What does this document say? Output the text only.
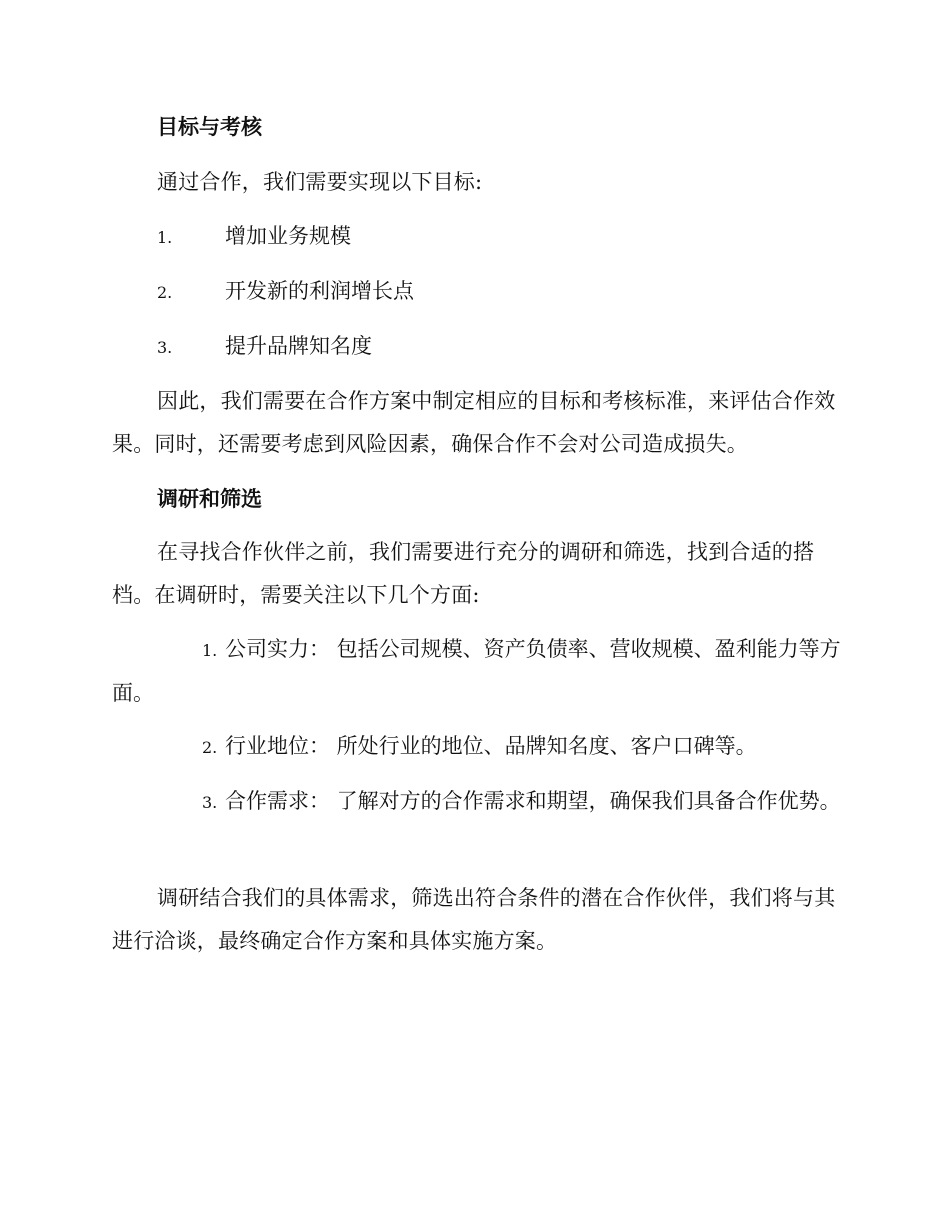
目标与考核
通过合作，我们需要实现以下目标:
1.	增加业务规模
2.	开发新的利润增长点
3.	提升品牌知名度
因此，我们需要在合作方案中制定相应的目标和考核标准，来评估合作效果。同时，还需要考虑到风险因素，确保合作不会对公司造成损失。
调研和筛选
在寻找合作伙伴之前，我们需要进行充分的调研和筛选，找到合适的搭档。在调研时，需要关注以下几个方面:
1. 公司实力： 包括公司规模、资产负债率、营收规模、盈利能力等方面。
2. 行业地位： 所处行业的地位、品牌知名度、客户口碑等。
3. 合作需求： 了解对方的合作需求和期望，确保我们具备合作优势。
调研结合我们的具体需求，筛选出符合条件的潜在合作伙伴，我们将与其进行洽谈，最终确定合作方案和具体实施方案。
